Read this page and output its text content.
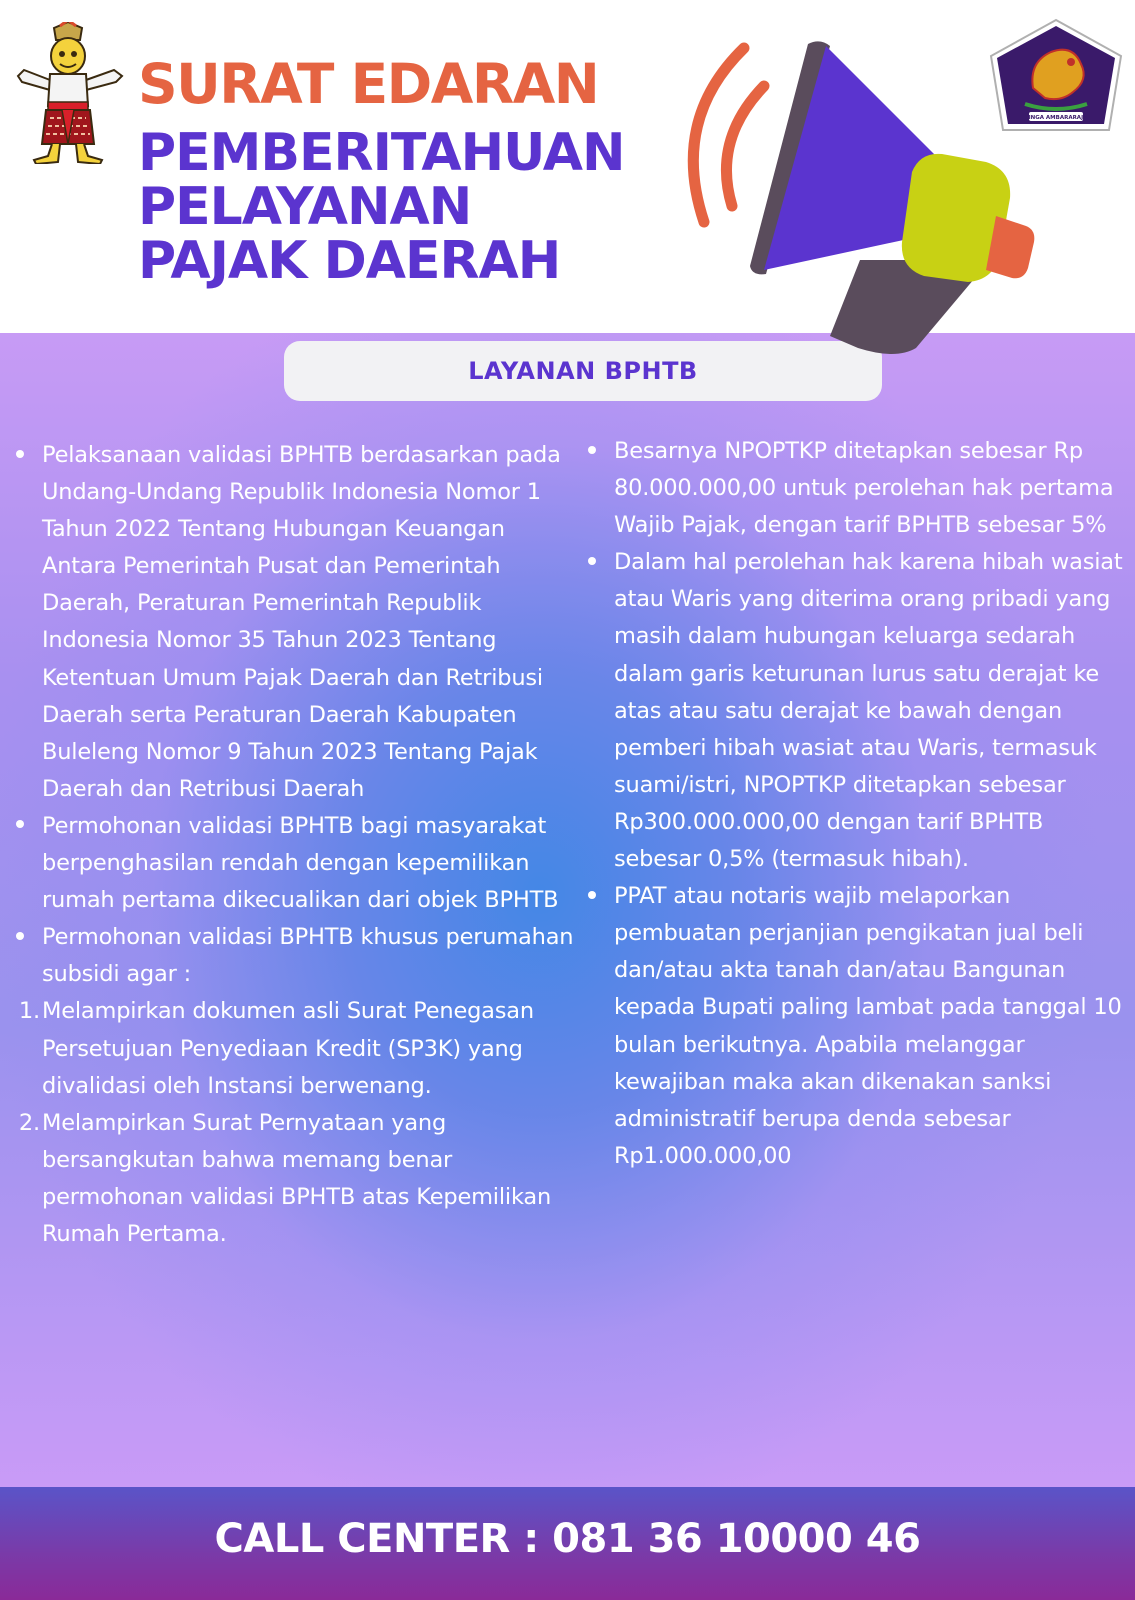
SURAT EDARAN
PEMBERITAHUAN
PELAYANAN
PAJAK DAERAH
SINGA AMBARARAJA
LAYANAN BPHTB
Pelaksanaan validasi BPHTB berdasarkan pada Undang-Undang Republik Indonesia Nomor 1 Tahun 2022 Tentang Hubungan Keuangan Antara Pemerintah Pusat dan Pemerintah Daerah, Peraturan Pemerintah Republik Indonesia Nomor 35 Tahun 2023 Tentang Ketentuan Umum Pajak Daerah dan Retribusi Daerah serta Peraturan Daerah Kabupaten Buleleng Nomor 9 Tahun 2023 Tentang Pajak Daerah dan Retribusi Daerah
Permohonan validasi BPHTB bagi masyarakat berpenghasilan rendah dengan kepemilikan rumah pertama dikecualikan dari objek BPHTB
Permohonan validasi BPHTB khusus perumahan subsidi agar :
1. Melampirkan dokumen asli Surat Penegasan Persetujuan Penyediaan Kredit (SP3K) yang divalidasi oleh Instansi berwenang.
2. Melampirkan Surat Pernyataan yang bersangkutan bahwa memang benar permohonan validasi BPHTB atas Kepemilikan Rumah Pertama.
Besarnya NPOPTKP ditetapkan sebesar Rp 80.000.000,00 untuk perolehan hak pertama Wajib Pajak, dengan tarif BPHTB sebesar 5%
Dalam hal perolehan hak karena hibah wasiat atau Waris yang diterima orang pribadi yang masih dalam hubungan keluarga sedarah dalam garis keturunan lurus satu derajat ke atas atau satu derajat ke bawah dengan pemberi hibah wasiat atau Waris, termasuk suami/istri, NPOPTKP ditetapkan sebesar Rp300.000.000,00 dengan tarif BPHTB sebesar 0,5% (termasuk hibah).
PPAT atau notaris wajib melaporkan pembuatan perjanjian pengikatan jual beli dan/atau akta tanah dan/atau Bangunan kepada Bupati paling lambat pada tanggal 10 bulan berikutnya. Apabila melanggar kewajiban maka akan dikenakan sanksi administratif berupa denda sebesar Rp1.000.000,00
CALL CENTER : 081 36 10000 46
